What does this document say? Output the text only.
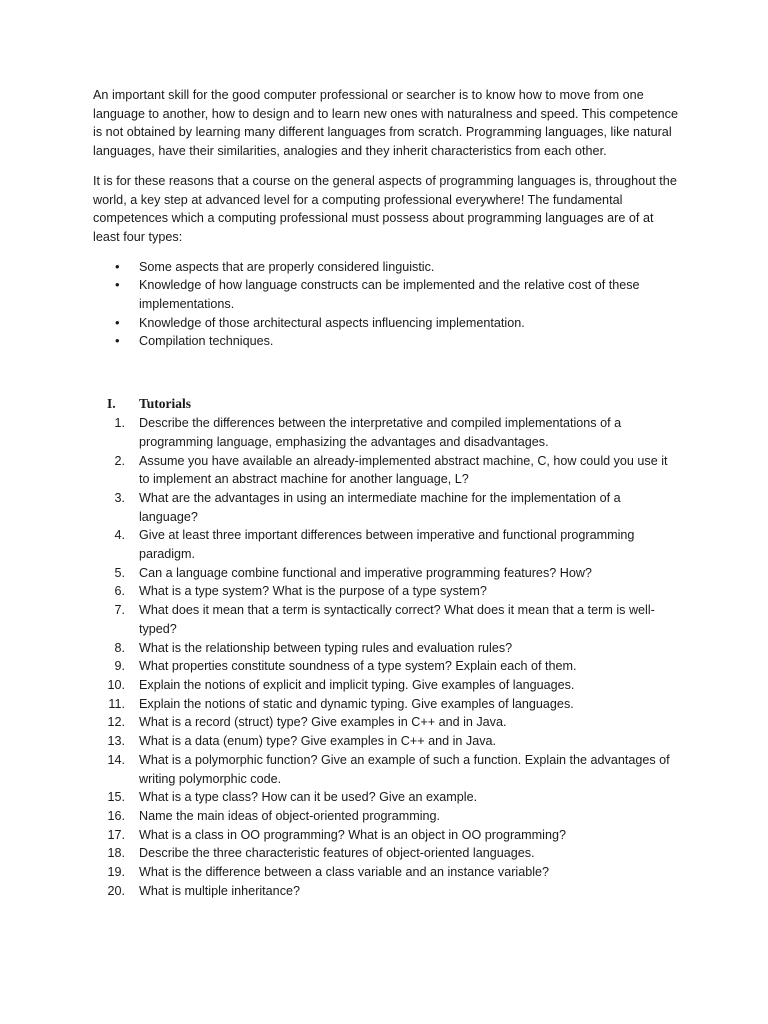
An important skill for the good computer professional or searcher is to know how to move from one language to another, how to design and to learn new ones with naturalness and speed. This competence is not obtained by learning many different languages from scratch. Programming languages, like natural languages, have their similarities, analogies and they inherit characteristics from each other.

It is for these reasons that a course on the general aspects of programming languages is, throughout the world, a key step at advanced level for a computing professional everywhere! The fundamental competences which a computing professional must possess about programming languages are of at least four types:

• Some aspects that are properly considered linguistic.
• Knowledge of how language constructs can be implemented and the relative cost of these implementations.
• Knowledge of those architectural aspects influencing implementation.
• Compilation techniques.
I. Tutorials
1. Describe the differences between the interpretative and compiled implementations of a programming language, emphasizing the advantages and disadvantages.
2. Assume you have available an already-implemented abstract machine, C, how could you use it to implement an abstract machine for another language, L?
3. What are the advantages in using an intermediate machine for the implementation of a language?
4. Give at least three important differences between imperative and functional programming paradigm.
5. Can a language combine functional and imperative programming features? How?
6. What is a type system? What is the purpose of a type system?
7. What does it mean that a term is syntactically correct? What does it mean that a term is well-typed?
8. What is the relationship between typing rules and evaluation rules?
9. What properties constitute soundness of a type system? Explain each of them.
10. Explain the notions of explicit and implicit typing. Give examples of languages.
11. Explain the notions of static and dynamic typing. Give examples of languages.
12. What is a record (struct) type? Give examples in C++ and in Java.
13. What is a data (enum) type? Give examples in C++ and in Java.
14. What is a polymorphic function? Give an example of such a function. Explain the advantages of writing polymorphic code.
15. What is a type class? How can it be used? Give an example.
16. Name the main ideas of object-oriented programming.
17. What is a class in OO programming? What is an object in OO programming?
18. Describe the three characteristic features of object-oriented languages.
19. What is the difference between a class variable and an instance variable?
20. What is multiple inheritance?
